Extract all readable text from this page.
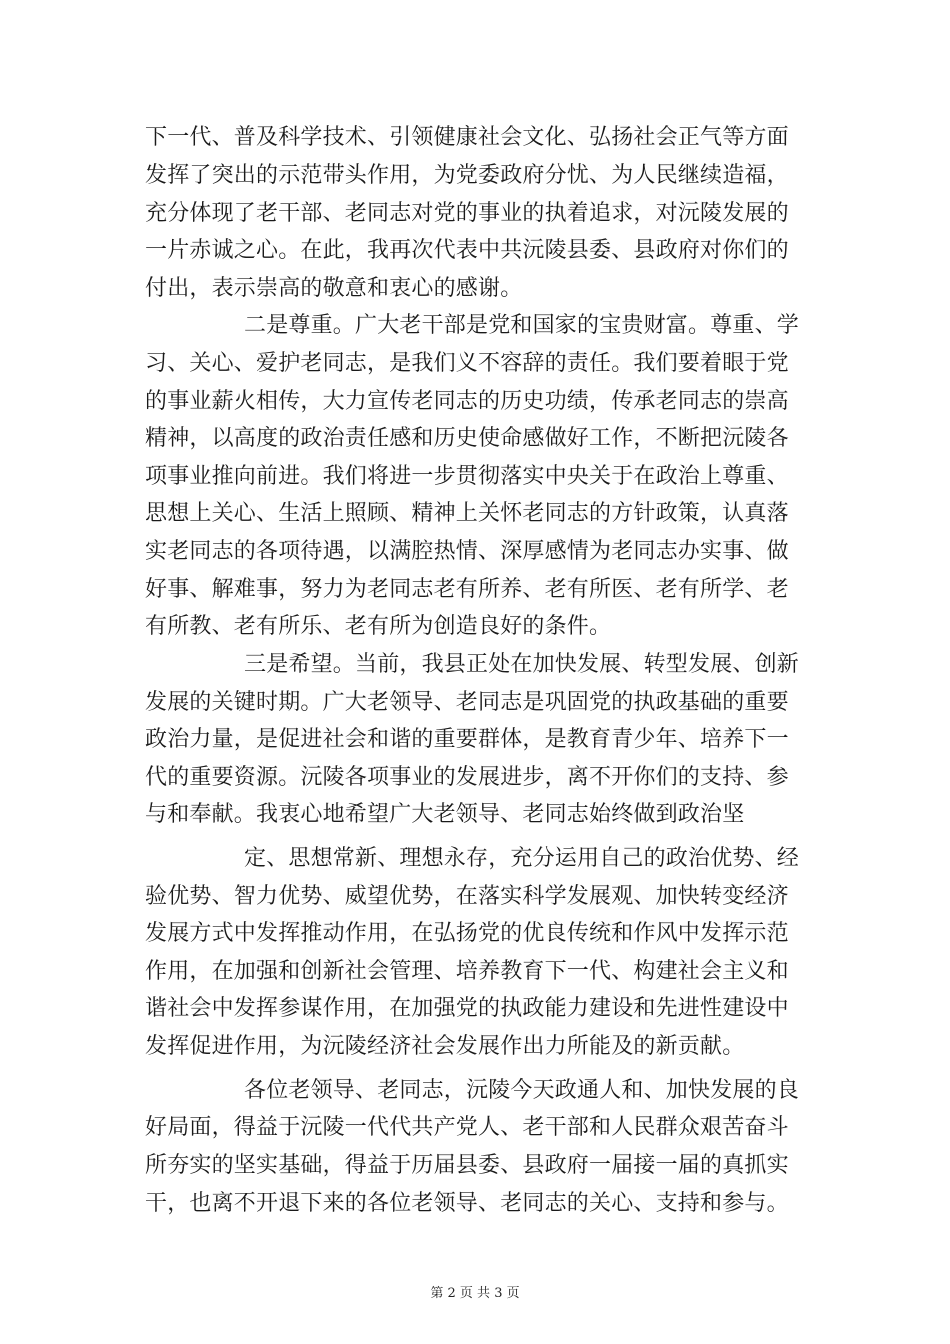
下一代、普及科学技术、引领健康社会文化、弘扬社会正气等方面
发挥了突出的示范带头作用，为党委政府分忧、为人民继续造福，
充分体现了老干部、老同志对党的事业的执着追求，对沅陵发展的
一片赤诚之心。在此，我再次代表中共沅陵县委、县政府对你们的
付出，表示崇高的敬意和衷心的感谢。
二是尊重。广大老干部是党和国家的宝贵财富。尊重、学
习、关心、爱护老同志，是我们义不容辞的责任。我们要着眼于党
的事业薪火相传，大力宣传老同志的历史功绩，传承老同志的崇高
精神，以高度的政治责任感和历史使命感做好工作，不断把沅陵各
项事业推向前进。我们将进一步贯彻落实中央关于在政治上尊重、
思想上关心、生活上照顾、精神上关怀老同志的方针政策，认真落
实老同志的各项待遇，以满腔热情、深厚感情为老同志办实事、做
好事、解难事，努力为老同志老有所养、老有所医、老有所学、老
有所教、老有所乐、老有所为创造良好的条件。
三是希望。当前，我县正处在加快发展、转型发展、创新
发展的关键时期。广大老领导、老同志是巩固党的执政基础的重要
政治力量，是促进社会和谐的重要群体，是教育青少年、培养下一
代的重要资源。沅陵各项事业的发展进步，离不开你们的支持、参
与和奉献。我衷心地希望广大老领导、老同志始终做到政治坚
定、思想常新、理想永存，充分运用自己的政治优势、经
验优势、智力优势、威望优势，在落实科学发展观、加快转变经济
发展方式中发挥推动作用，在弘扬党的优良传统和作风中发挥示范
作用，在加强和创新社会管理、培养教育下一代、构建社会主义和
谐社会中发挥参谋作用，在加强党的执政能力建设和先进性建设中
发挥促进作用，为沅陵经济社会发展作出力所能及的新贡献。
各位老领导、老同志，沅陵今天政通人和、加快发展的良
好局面，得益于沅陵一代代共产党人、老干部和人民群众艰苦奋斗
所夯实的坚实基础，得益于历届县委、县政府一届接一届的真抓实
干，也离不开退下来的各位老领导、老同志的关心、支持和参与。
第 2 页 共 3 页
